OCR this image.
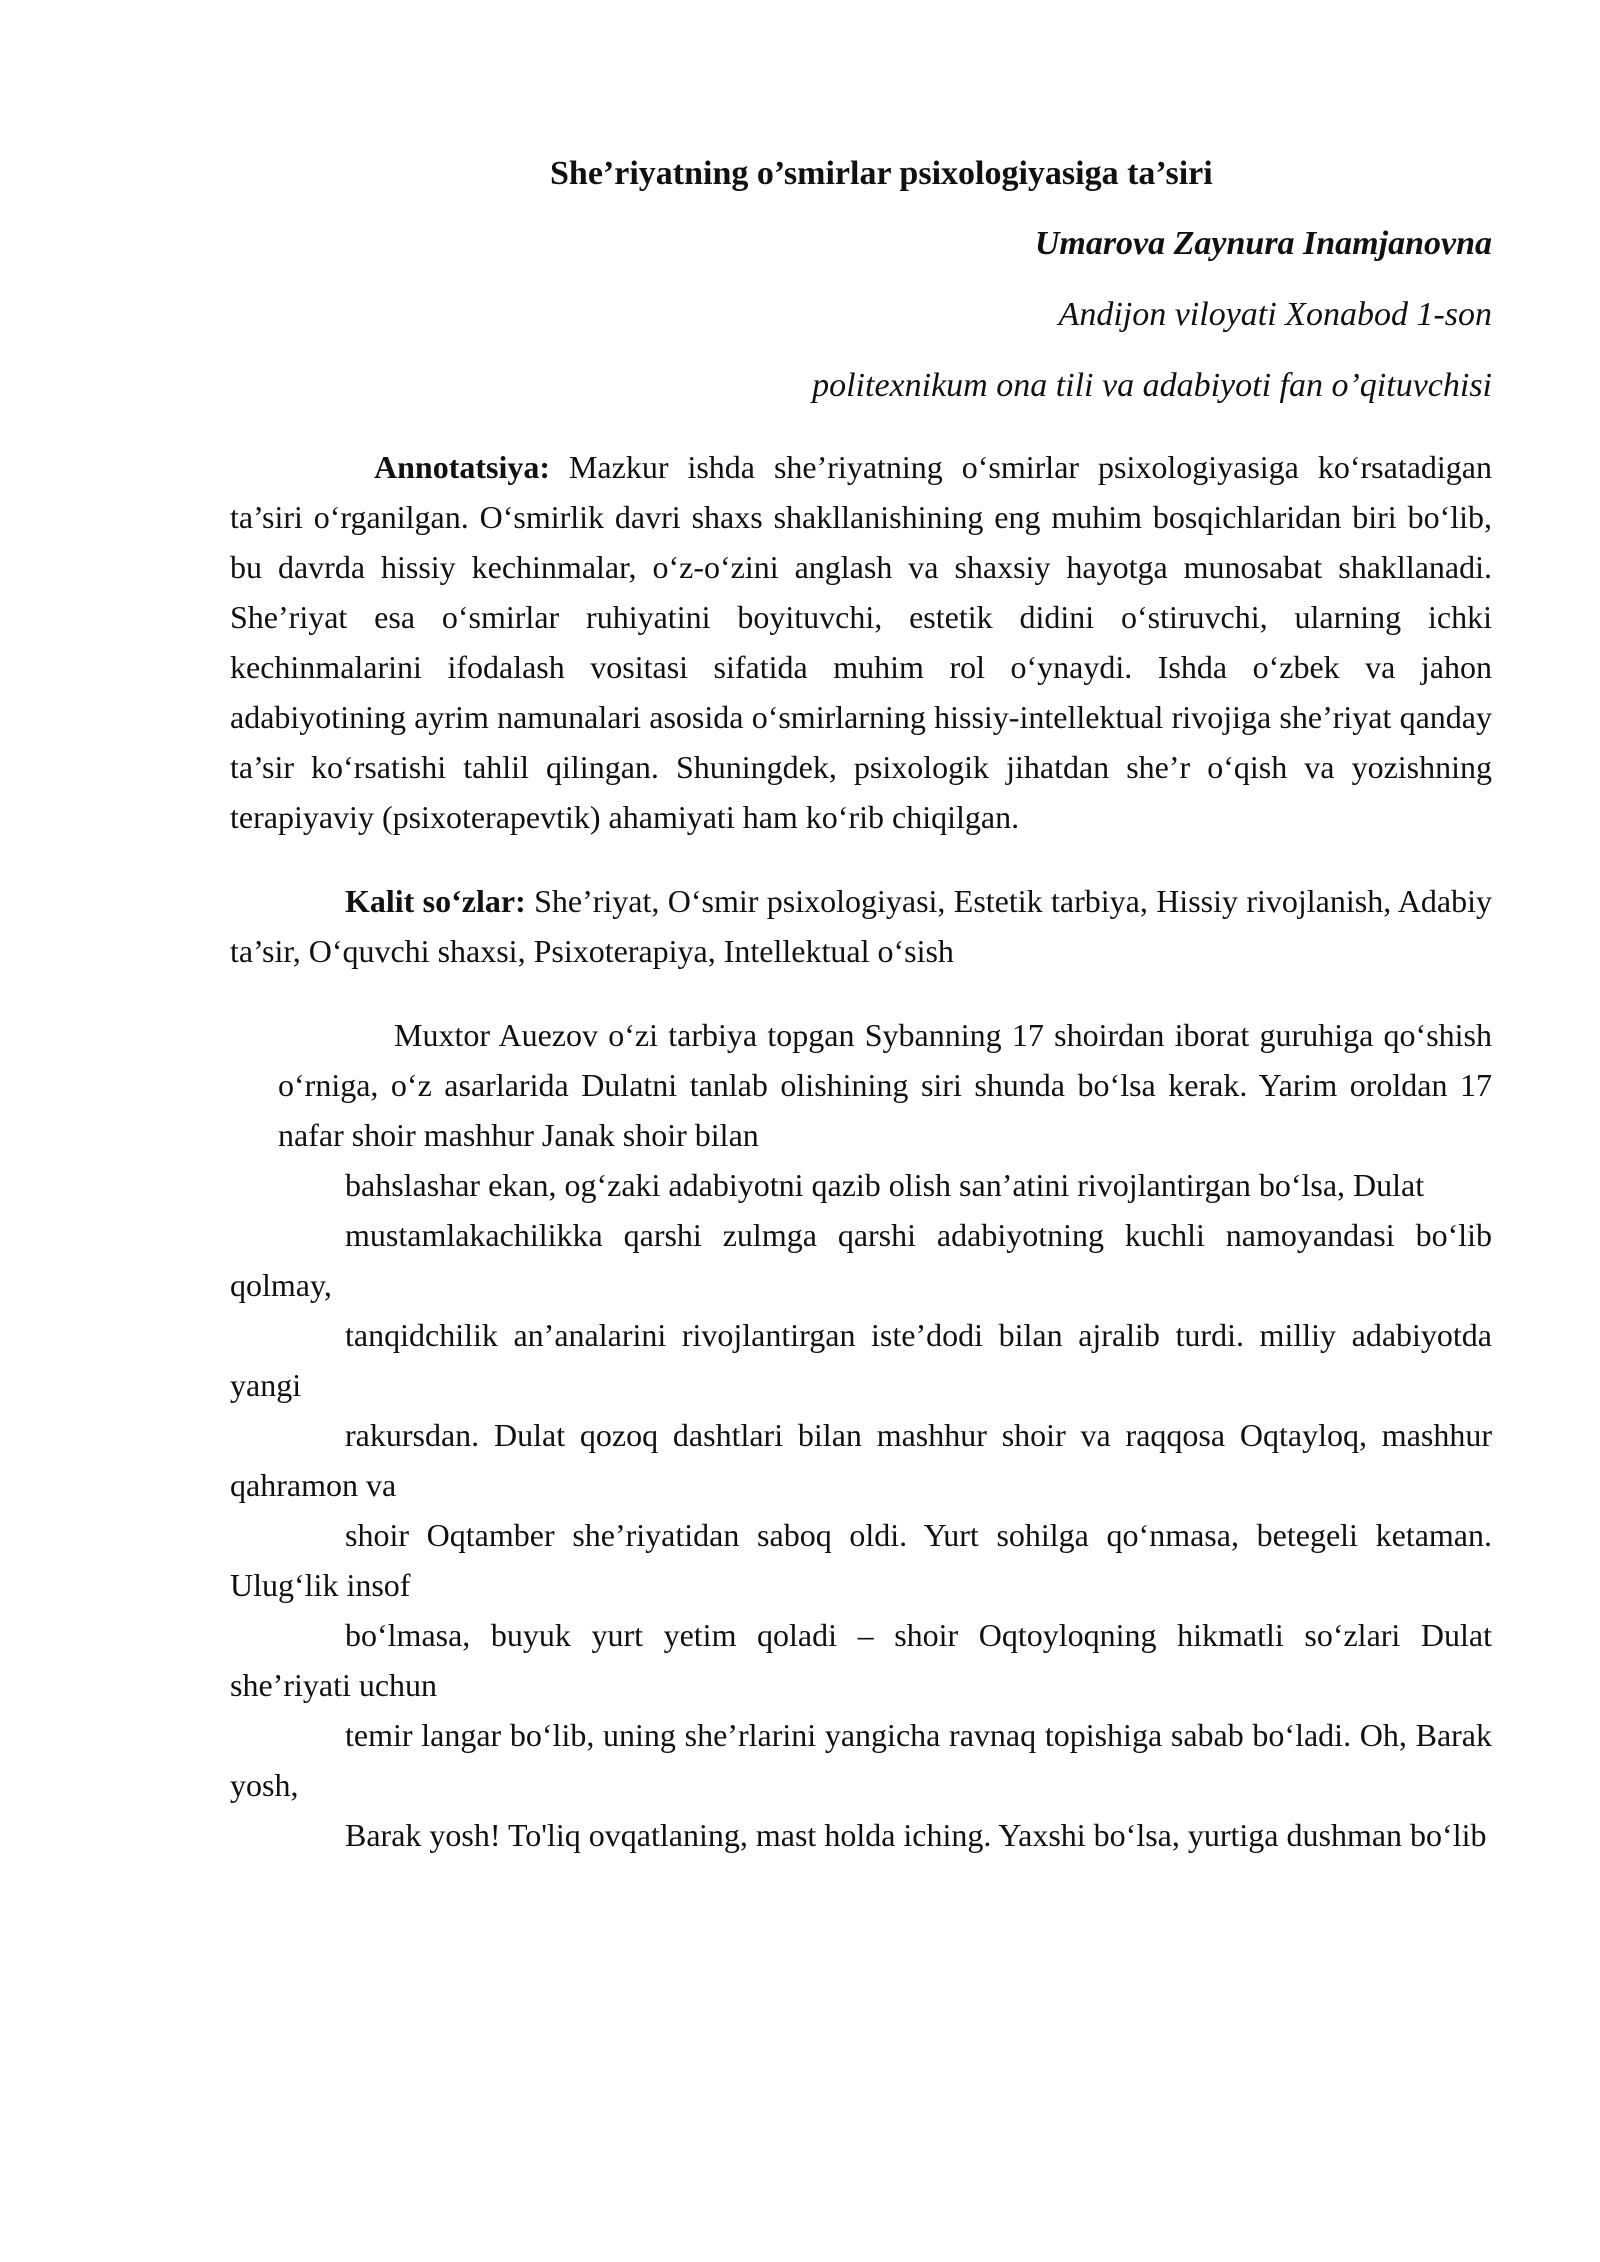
She’riyatning o’smirlar psixologiyasiga ta’siri
Umarova Zaynura Inamjanovna
Andijon viloyati Xonabod 1-son
politexnikum ona tili va adabiyoti fan o’qituvchisi

Annotatsiya: Mazkur ishda she’riyatning o‘smirlar psixologiyasiga ko‘rsatadigan ta’siri o‘rganilgan. O‘smirlik davri shaxs shakllanishining eng muhim bosqichlaridan biri bo‘lib, bu davrda hissiy kechinmalar, o‘z-o‘zini anglash va shaxsiy hayotga munosabat shakllanadi. She’riyat esa o‘smirlar ruhiyatini boyituvchi, estetik didini o‘stiruvchi, ularning ichki kechinmalarini ifodalash vositasi sifatida muhim rol o‘ynaydi. Ishda o‘zbek va jahon adabiyotining ayrim namunalari asosida o‘smirlarning hissiy-intellektual rivojiga she’riyat qanday ta’sir ko‘rsatishi tahlil qilingan. Shuningdek, psixologik jihatdan she’r o‘qish va yozishning terapiyaviy (psixoterapevtik) ahamiyati ham ko‘rib chiqilgan.

Kalit so‘zlar: She’riyat, O‘smir psixologiyasi, Estetik tarbiya, Hissiy rivojlanish, Adabiy ta’sir, O‘quvchi shaxsi, Psixoterapiya, Intellektual o‘sish

Muxtor Auezov o‘zi tarbiya topgan Sybanning 17 shoirdan iborat guruhiga qo‘shish o‘rniga, o‘z asarlarida Dulatni tanlab olishining siri shunda bo‘lsa kerak. Yarim oroldan 17 nafar shoir mashhur Janak shoir bilan

bahslashar ekan, og‘zaki adabiyotni qazib olish san’atini rivojlantirgan bo‘lsa, Dulat

mustamlakachilikka qarshi zulmga qarshi adabiyotning kuchli namoyandasi bo‘lib qolmay,

tanqidchilik an’analarini rivojlantirgan iste’dodi bilan ajralib turdi. milliy adabiyotda yangi

rakursdan. Dulat qozoq dashtlari bilan mashhur shoir va raqqosa Oqtayloq, mashhur qahramon va

shoir Oqtamber she’riyatidan saboq oldi. Yurt sohilga qo‘nmasa, betegeli ketaman. Ulug‘lik insof

bo‘lmasa, buyuk yurt yetim qoladi – shoir Oqtoyloqning hikmatli so‘zlari Dulat she’riyati uchun

temir langar bo‘lib, uning she’rlarini yangicha ravnaq topishiga sabab bo‘ladi. Oh, Barak yosh,

Barak yosh! To'liq ovqatlaning, mast holda iching. Yaxshi bo‘lsa, yurtiga dushman bo‘lib
